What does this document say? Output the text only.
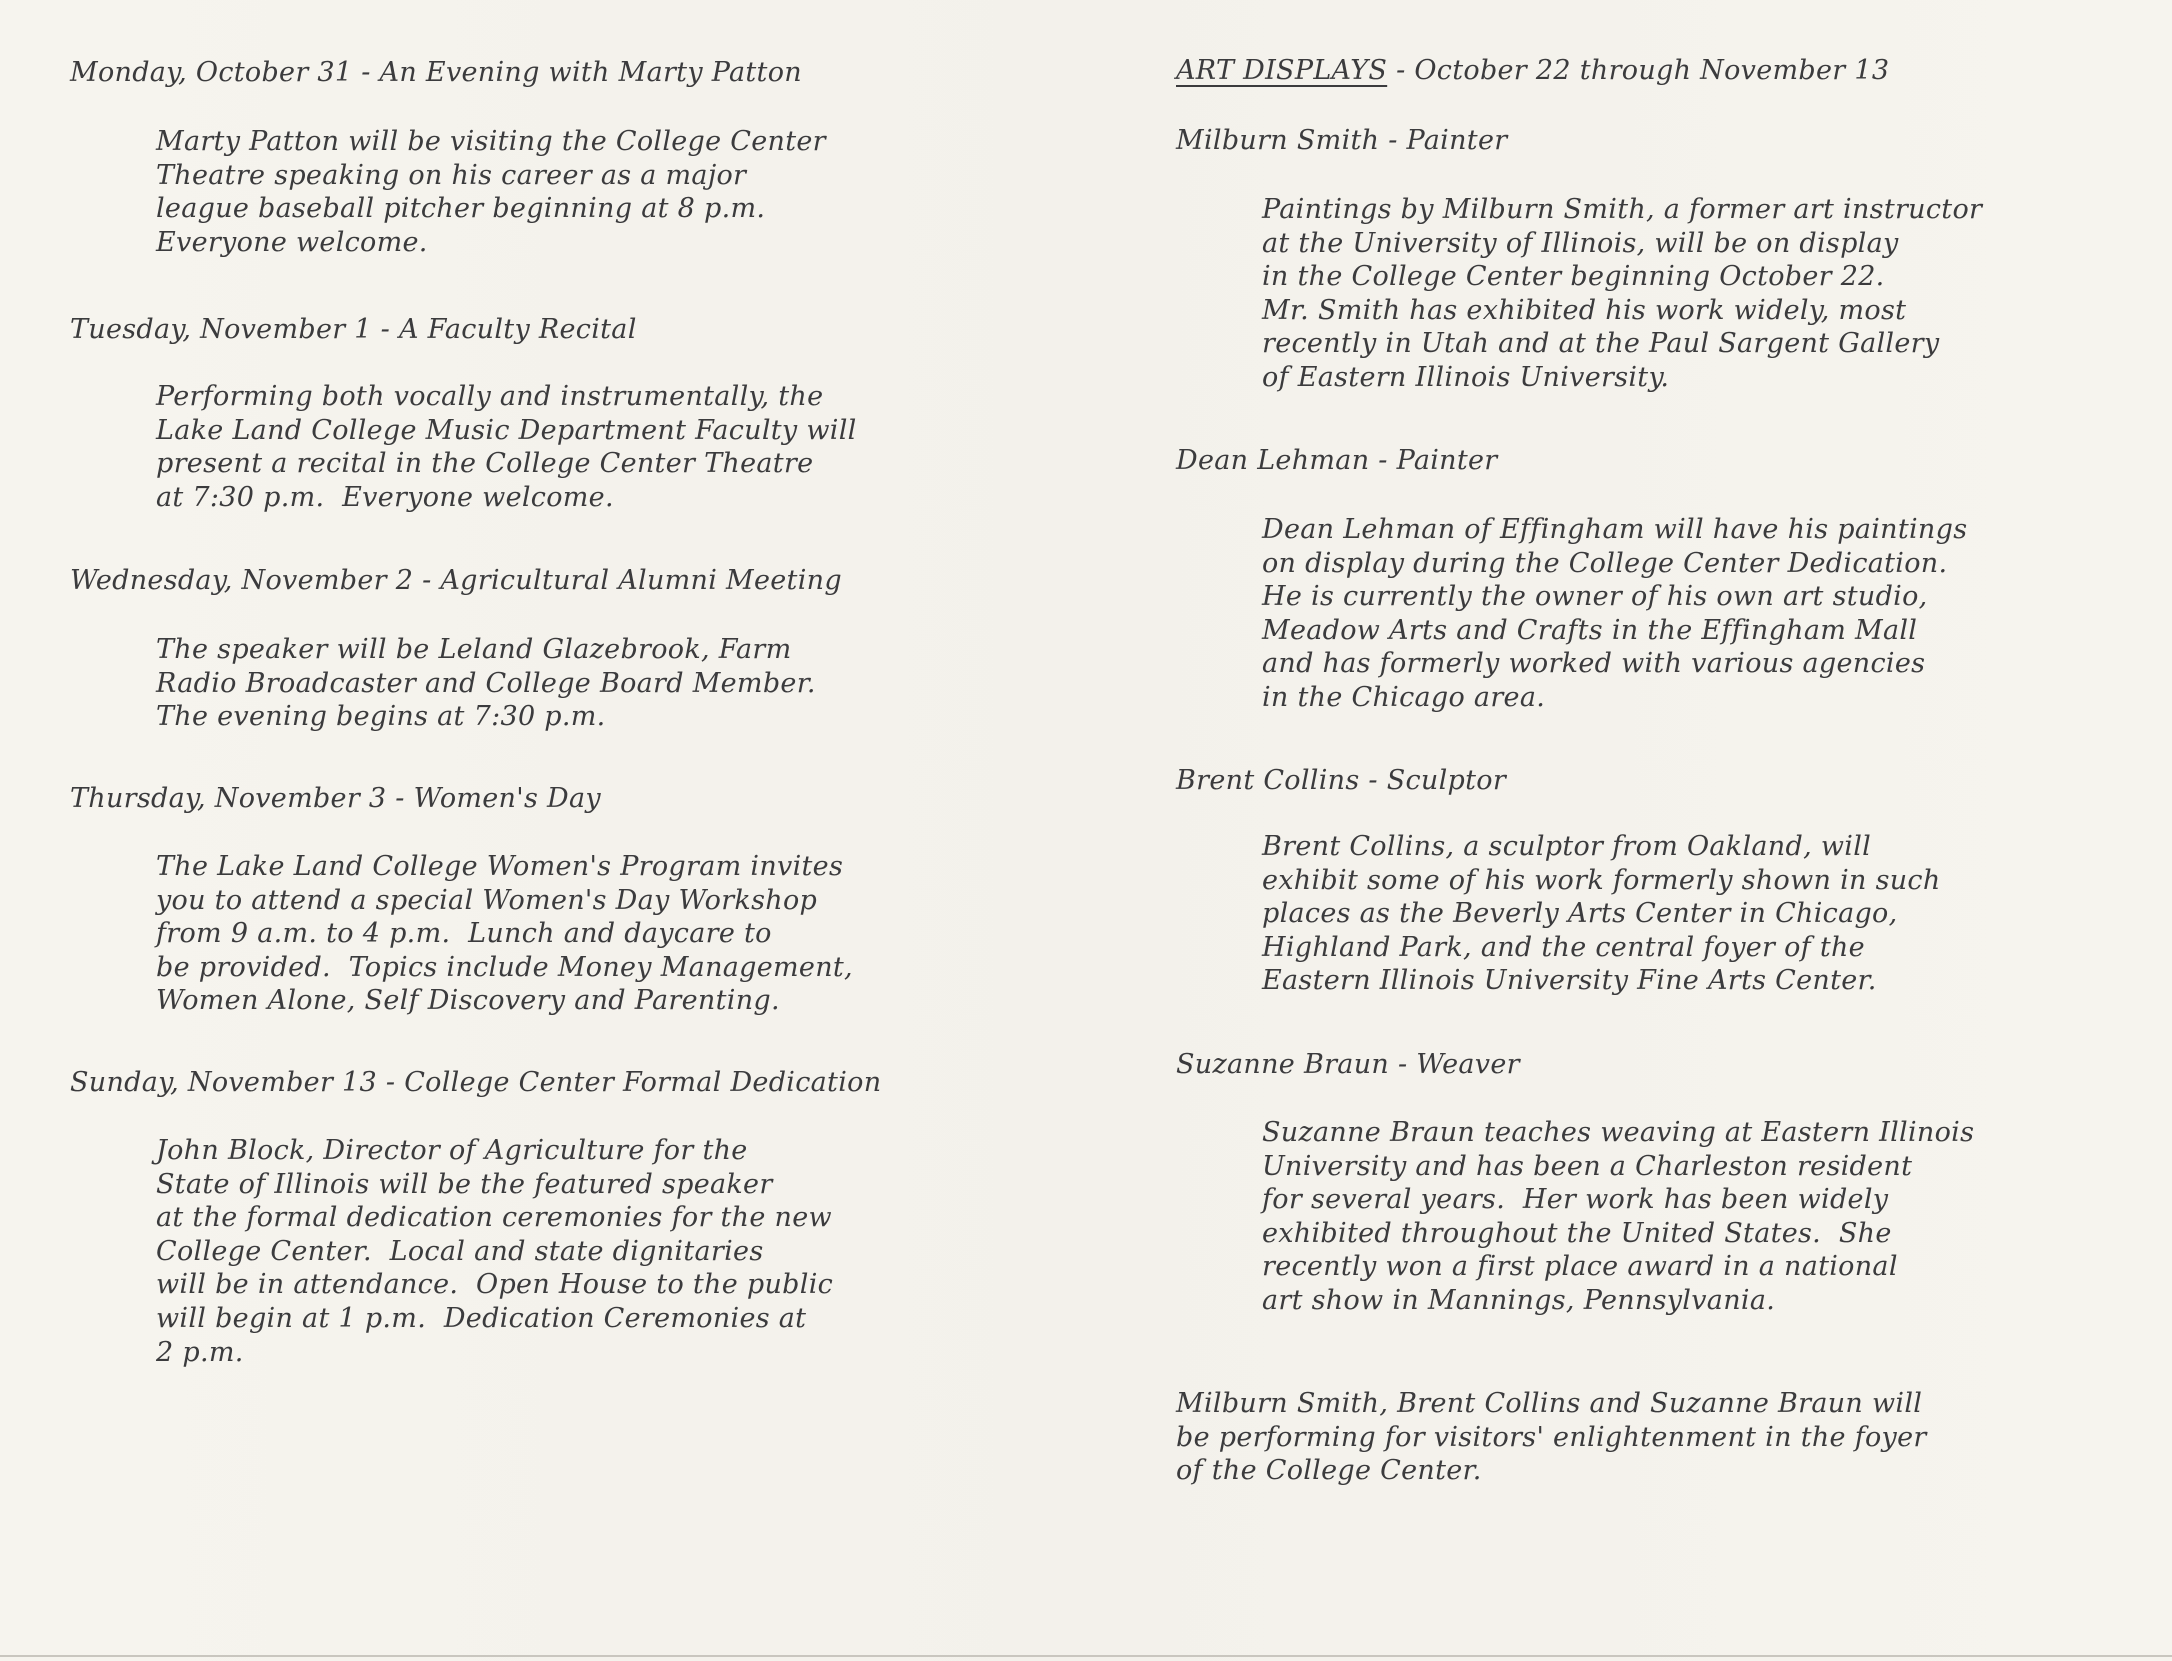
Monday, October 31 - An Evening with Marty Patton

Marty Patton will be visiting the College Center
Theatre speaking on his career as a major
league baseball pitcher beginning at 8 p.m.
Everyone welcome.

Tuesday, November 1 - A Faculty Recital

Performing both vocally and instrumentally, the
Lake Land College Music Department Faculty will
present a recital in the College Center Theatre
at 7:30 p.m.  Everyone welcome.

Wednesday, November 2 - Agricultural Alumni Meeting

The speaker will be Leland Glazebrook, Farm
Radio Broadcaster and College Board Member.
The evening begins at 7:30 p.m.

Thursday, November 3 - Women's Day

The Lake Land College Women's Program invites
you to attend a special Women's Day Workshop
from 9 a.m. to 4 p.m.  Lunch and daycare to
be provided.  Topics include Money Management,
Women Alone, Self Discovery and Parenting.

Sunday, November 13 - College Center Formal Dedication

John Block, Director of Agriculture for the
State of Illinois will be the featured speaker
at the formal dedication ceremonies for the new
College Center.  Local and state dignitaries
will be in attendance.  Open House to the public
will begin at 1 p.m.  Dedication Ceremonies at
2 p.m.

ART DISPLAYS - October 22 through November 13

Milburn Smith - Painter

Paintings by Milburn Smith, a former art instructor
at the University of Illinois, will be on display
in the College Center beginning October 22.
Mr. Smith has exhibited his work widely, most
recently in Utah and at the Paul Sargent Gallery
of Eastern Illinois University.

Dean Lehman - Painter

Dean Lehman of Effingham will have his paintings
on display during the College Center Dedication.
He is currently the owner of his own art studio,
Meadow Arts and Crafts in the Effingham Mall
and has formerly worked with various agencies
in the Chicago area.

Brent Collins - Sculptor

Brent Collins, a sculptor from Oakland, will
exhibit some of his work formerly shown in such
places as the Beverly Arts Center in Chicago,
Highland Park, and the central foyer of the
Eastern Illinois University Fine Arts Center.

Suzanne Braun - Weaver

Suzanne Braun teaches weaving at Eastern Illinois
University and has been a Charleston resident
for several years.  Her work has been widely
exhibited throughout the United States.  She
recently won a first place award in a national
art show in Mannings, Pennsylvania.

Milburn Smith, Brent Collins and Suzanne Braun will
be performing for visitors' enlightenment in the foyer
of the College Center.
